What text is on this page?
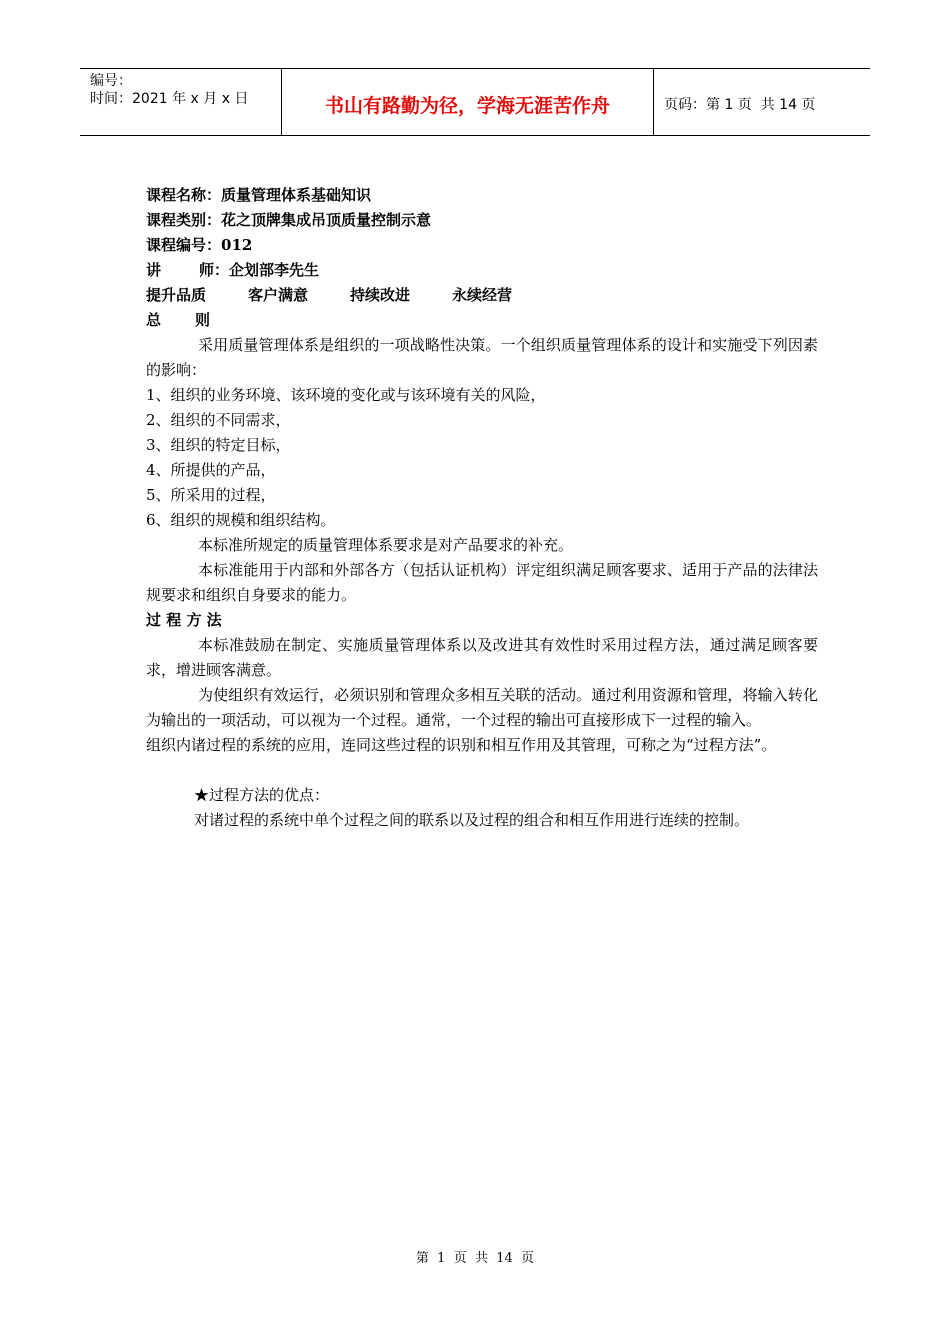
编号：
时间：2021 年 x 月 x 日	书山有路勤为径，学海无涯苦作舟	页码：第 1 页  共 14 页
课程名称：质量管理体系基础知识
课程类别：花之顶牌集成吊顶质量控制示意
课程编号：012
讲	师：企划部李先生
提升品质	客户满意	持续改进	永续经营
总 则
采用质量管理体系是组织的一项战略性决策。一个组织质量管理体系的设计和实施受下列因素的影响：
1、组织的业务环境、该环境的变化或与该环境有关的风险，
2、组织的不同需求，
3、组织的特定目标，
4、所提供的产品，
5、所采用的过程，
6、组织的规模和组织结构。
本标准所规定的质量管理体系要求是对产品要求的补充。
本标准能用于内部和外部各方（包括认证机构）评定组织满足顾客要求、适用于产品的法律法规要求和组织自身要求的能力。
过 程 方 法
本标准鼓励在制定、实施质量管理体系以及改进其有效性时采用过程方法，通过满足顾客要求，增进顾客满意。
为使组织有效运行，必须识别和管理众多相互关联的活动。通过利用资源和管理，将输入转化为输出的一项活动，可以视为一个过程。通常，一个过程的输出可直接形成下一过程的输入。
组织内诸过程的系统的应用，连同这些过程的识别和相互作用及其管理，可称之为“过程方法”。
★过程方法的优点：
对诸过程的系统中单个过程之间的联系以及过程的组合和相互作用进行连续的控制。
第  1  页  共  14  页
